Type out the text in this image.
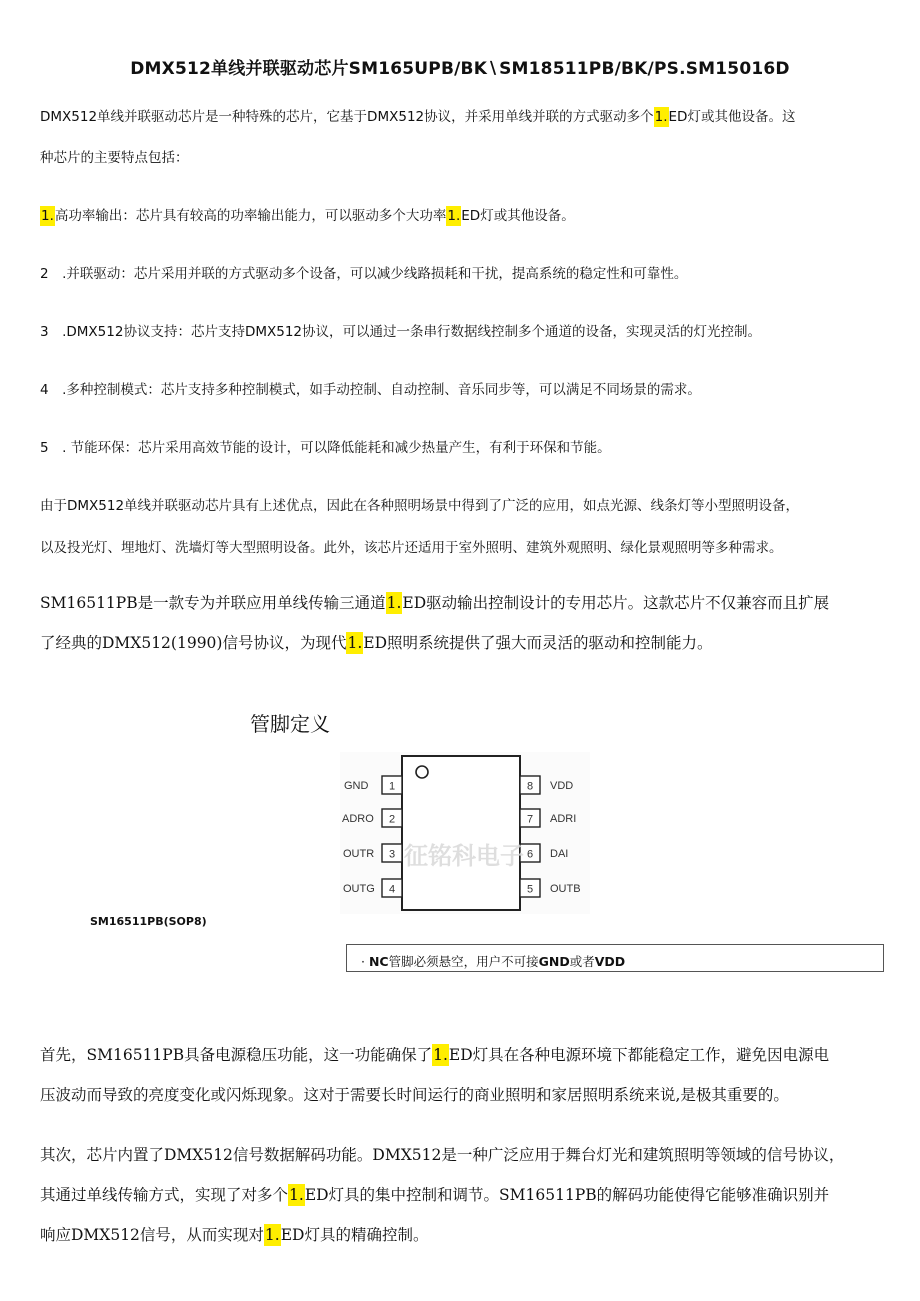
DMX512单线并联驱动芯片SM165UPB∕BK∖SM18511PB∕BK∕PS.SM15016D
DMX512单线并联驱动芯片是一种特殊的芯片，它基于DMX512协议，并采用单线并联的方式驱动多个1.ED灯或其他设备。这
种芯片的主要特点包括：
1.高功率输出：芯片具有较高的功率输出能力，可以驱动多个大功率1.ED灯或其他设备。
2　.并联驱动：芯片采用并联的方式驱动多个设备，可以减少线路损耗和干扰，提高系统的稳定性和可靠性。
3　.DMX512协议支持：芯片支持DMX512协议，可以通过一条串行数据线控制多个通道的设备，实现灵活的灯光控制。
4　.多种控制模式：芯片支持多种控制模式，如手动控制、自动控制、音乐同步等，可以满足不同场景的需求。
5　. 节能环保：芯片采用高效节能的设计，可以降低能耗和减少热量产生，有利于环保和节能。
由于DMX512单线并联驱动芯片具有上述优点，因此在各种照明场景中得到了广泛的应用，如点光源、线条灯等小型照明设备，
以及投光灯、埋地灯、洗墙灯等大型照明设备。此外，该芯片还适用于室外照明、建筑外观照明、绿化景观照明等多种需求。
SM16511PB是一款专为并联应用单线传输三通道1.ED驱动输出控制设计的专用芯片。这款芯片不仅兼容而且扩展
了经典的DMX512(1990)信号协议，为现代1.ED照明系统提供了强大而灵活的驱动和控制能力。
管脚定义
1
2
3
4
GND
ADRO
OUTR
OUTG
8
7
6
5
VDD
ADRI
DAI
OUTB
征铭科电子
SM16511PB(SOP8)
· NC管脚必须悬空，用户不可接GND或者VDD
首先，SM16511PB具备电源稳压功能，这一功能确保了1.ED灯具在各种电源环境下都能稳定工作，避免因电源电
压波动而导致的亮度变化或闪烁现象。这对于需要长时间运行的商业照明和家居照明系统来说,是极其重要的。
其次，芯片内置了DMX512信号数据解码功能。DMX512是一种广泛应用于舞台灯光和建筑照明等领域的信号协议，
其通过单线传输方式，实现了对多个1.ED灯具的集中控制和调节。SM16511PB的解码功能使得它能够准确识别并
响应DMX512信号，从而实现对1.ED灯具的精确控制。
